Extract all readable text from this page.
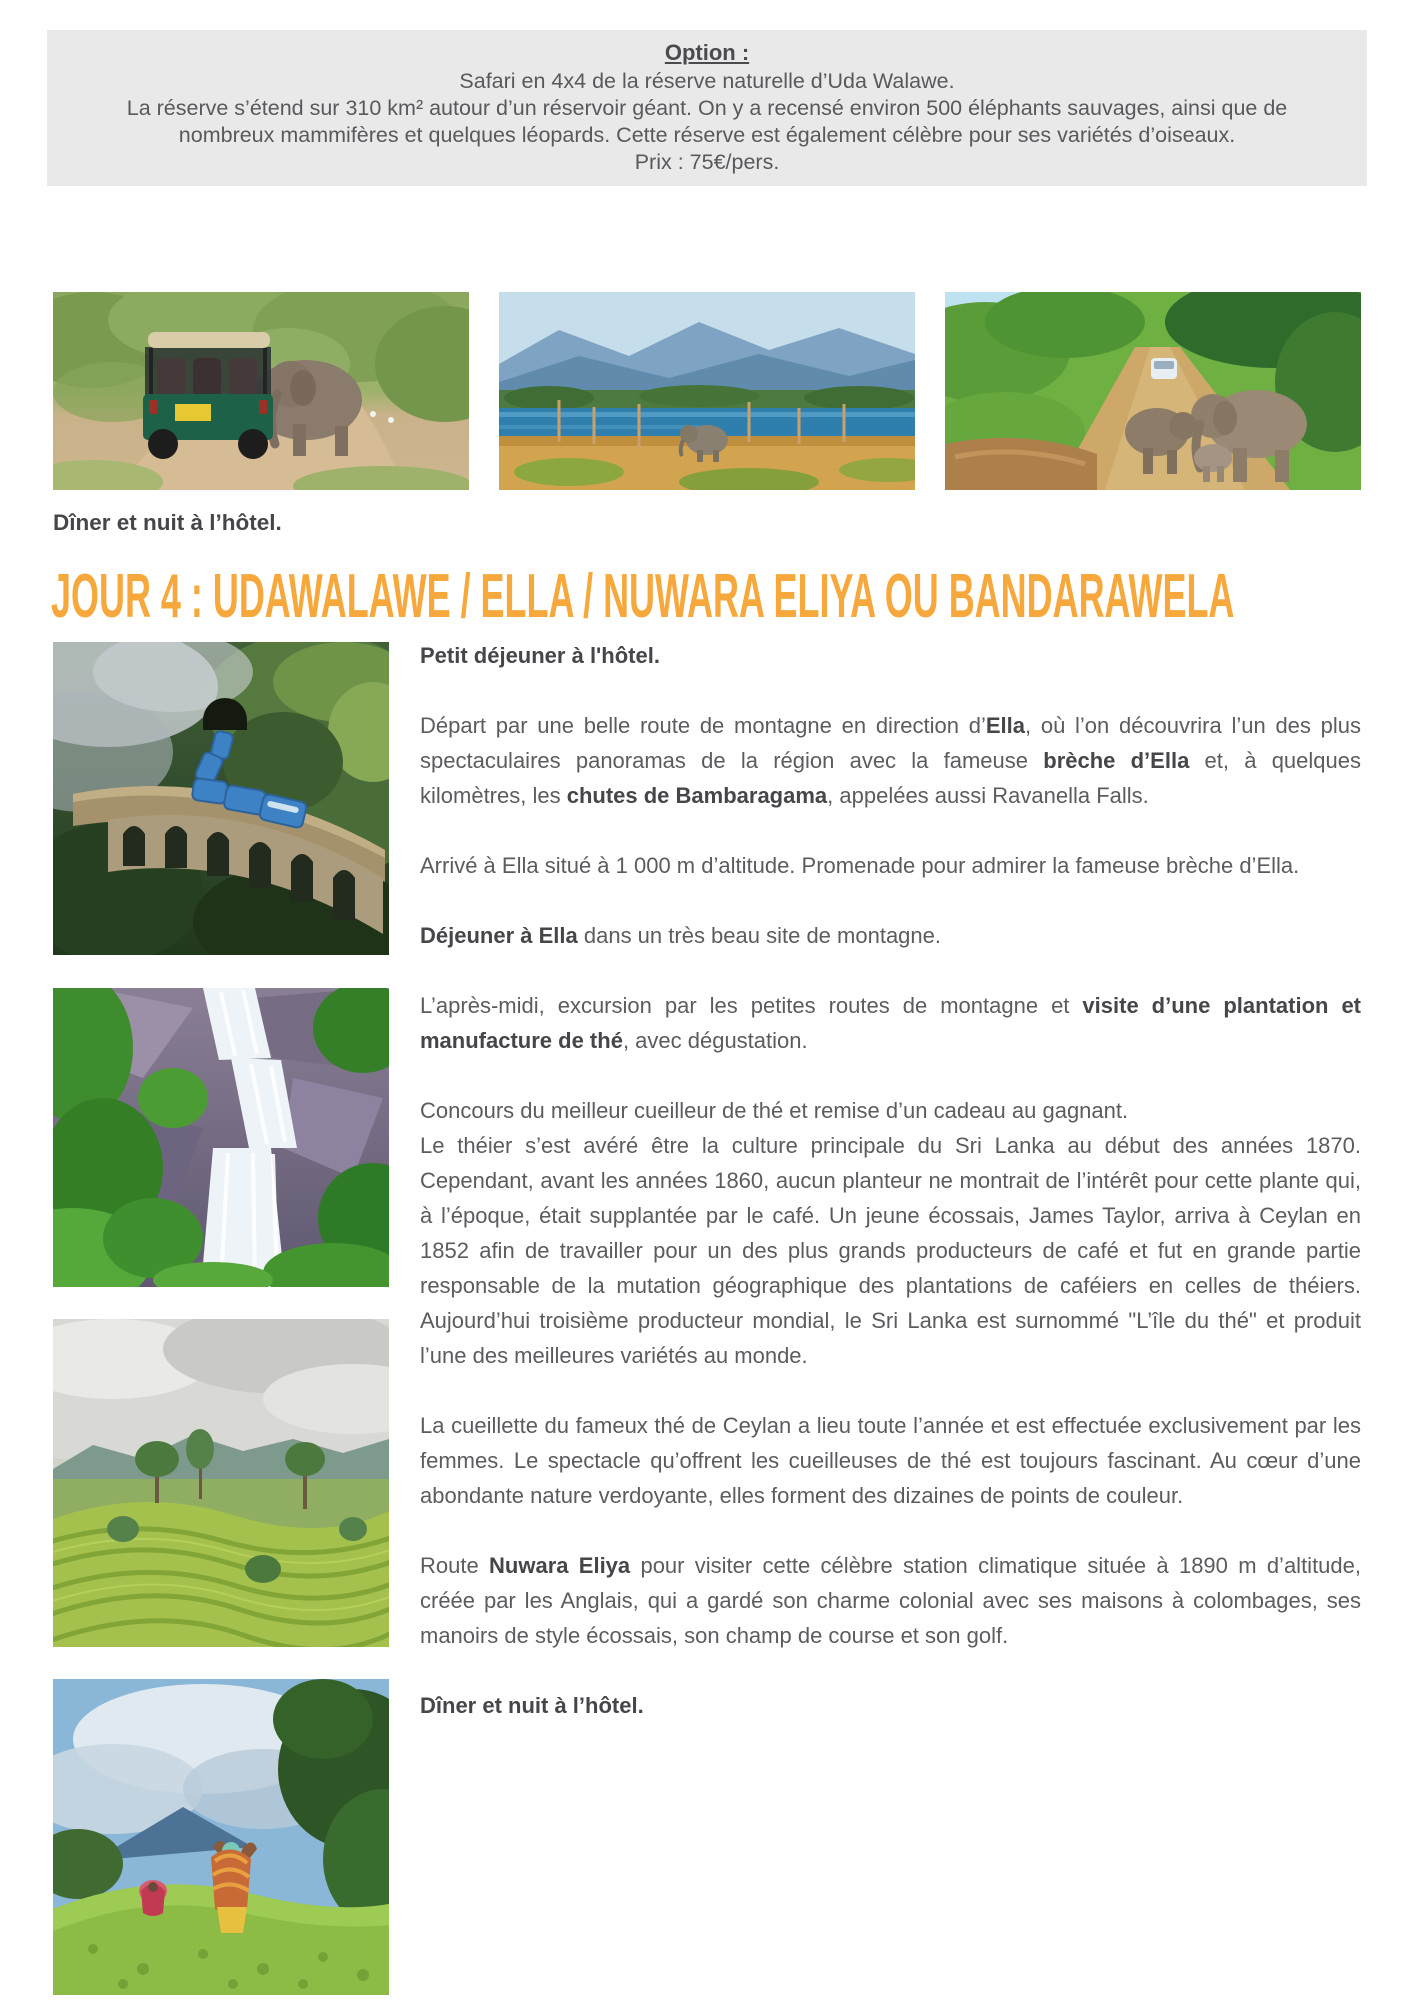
Option :
Safari en 4x4 de la réserve naturelle d’Uda Walawe.
La réserve s’étend sur 310 km² autour d’un réservoir géant. On y a recensé environ 500 éléphants sauvages, ainsi que de nombreux mammifères et quelques léopards. Cette réserve est également célèbre pour ses variétés d’oiseaux.
Prix : 75€/pers.
Dîner et nuit à l’hôtel.
JOUR 4 : UDAWALAWE / ELLA / NUWARA ELIYA OU BANDARAWELA
Petit déjeuner à l'hôtel.
Départ par une belle route de montagne en direction d’Ella, où l’on découvrira l’un des plus spectaculaires panoramas de la région avec la fameuse brèche d’Ella et, à quelques kilomètres, les chutes de Bambaragama, appelées aussi Ravanella Falls.
Arrivé à Ella situé à 1 000 m d’altitude. Promenade pour admirer la fameuse brèche d’Ella.
Déjeuner à Ella dans un très beau site de montagne.
L’après-midi, excursion par les petites routes de montagne et visite d’une plantation et manufacture de thé, avec dégustation.
Concours du meilleur cueilleur de thé et remise d’un cadeau au gagnant.
Le théier s’est avéré être la culture principale du Sri Lanka au début des années 1870. Cependant, avant les années 1860, aucun planteur ne montrait de l’intérêt pour cette plante qui, à l’époque, était supplantée par le café. Un jeune écossais, James Taylor, arriva à Ceylan en 1852 afin de travailler pour un des plus grands producteurs de café et fut en grande partie responsable de la mutation géographique des plantations de caféiers en celles de théiers. Aujourd’hui troisième producteur mondial, le Sri Lanka est surnommé "L’île du thé" et produit l’une des meilleures variétés au monde.
La cueillette du fameux thé de Ceylan a lieu toute l’année et est effectuée exclusivement par les femmes. Le spectacle qu’offrent les cueilleuses de thé est toujours fascinant. Au cœur d’une abondante nature verdoyante, elles forment des dizaines de points de couleur.
Route Nuwara Eliya pour visiter cette célèbre station climatique située à 1890 m d’altitude, créée par les Anglais, qui a gardé son charme colonial avec ses maisons à colombages, ses manoirs de style écossais, son champ de course et son golf.
Dîner et nuit à l’hôtel.
